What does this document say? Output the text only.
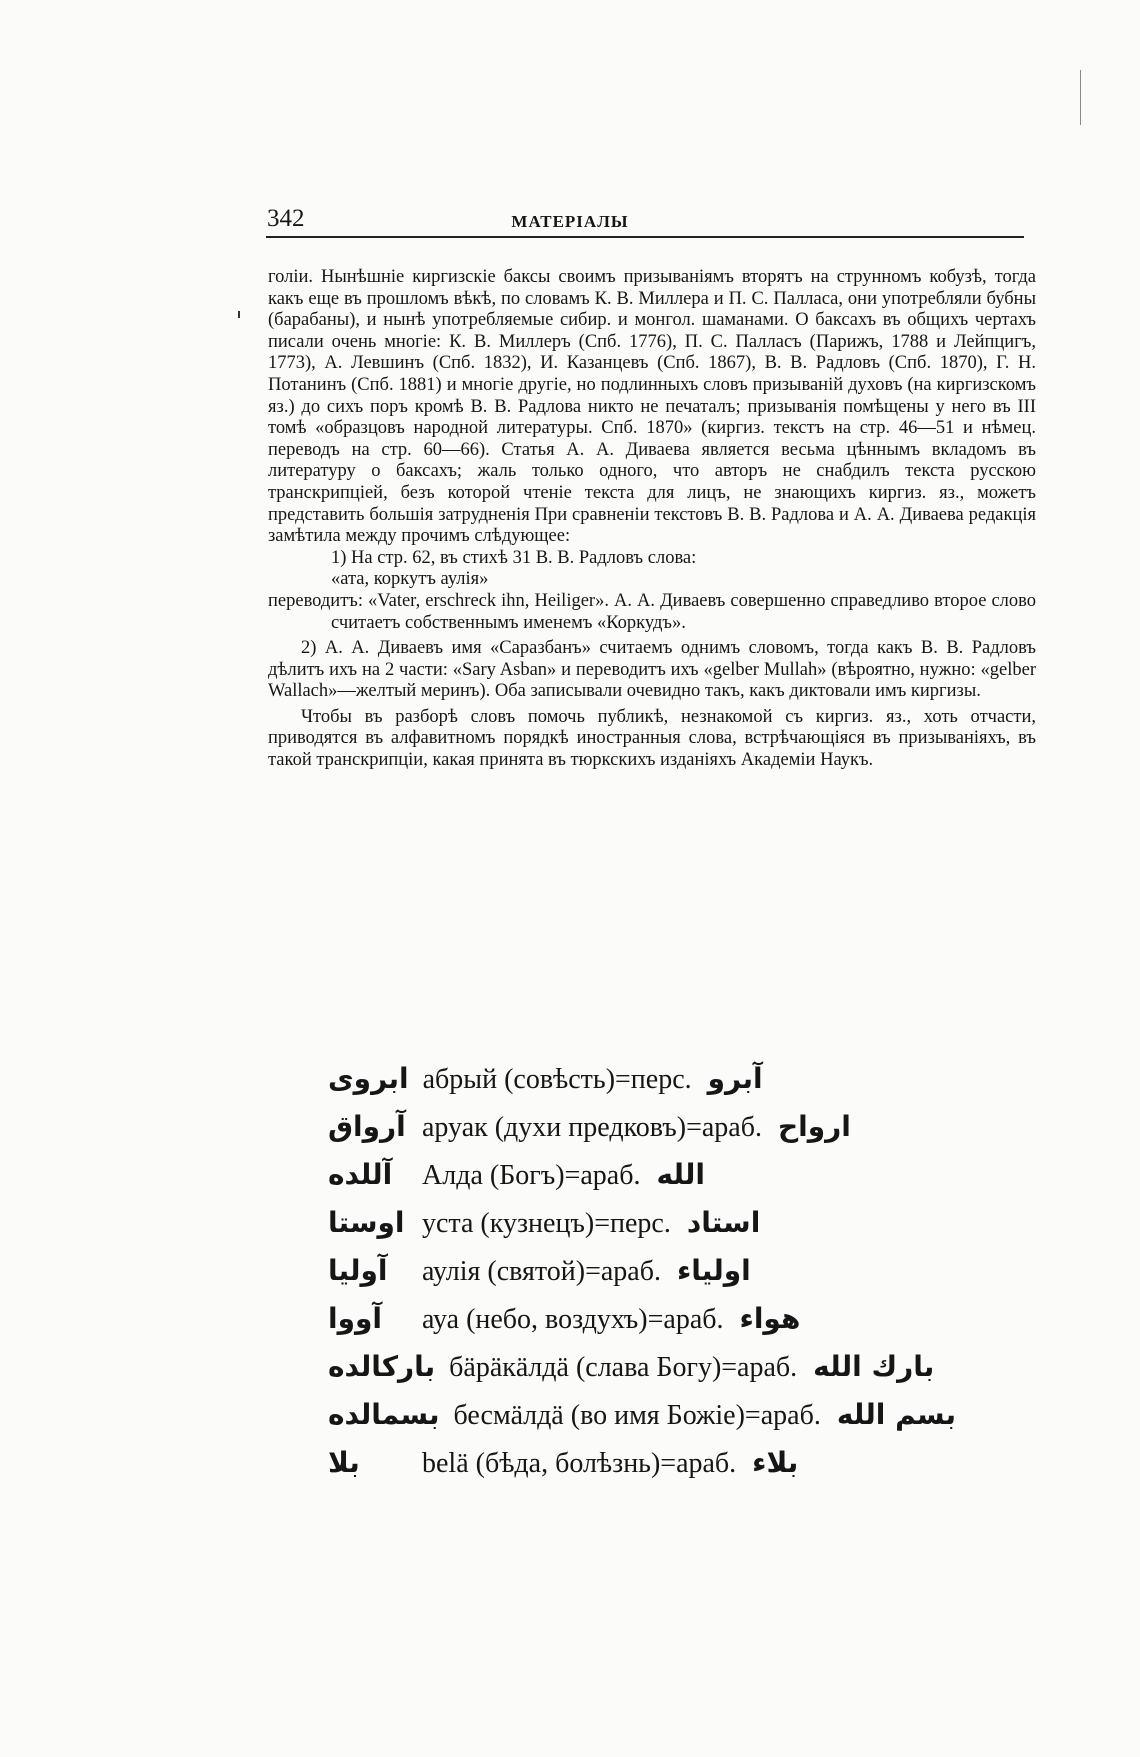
342	МАТЕРІАЛЫ

голіи. Нынѣшніе киргизскіе баксы своимъ призываніямъ вторятъ на струнномъ кобузѣ, тогда какъ еще въ прошломъ вѣкѣ, по словамъ К. В. Миллера и П. С. Палласа, они употребляли бубны (барабаны), и нынѣ употребляемые сибир. и монгол. шаманами. О баксахъ въ общихъ чертахъ писали очень многіе: К. В. Миллеръ (Спб. 1776), П. С. Палласъ (Парижъ, 1788 и Лейпцигъ, 1773), А. Левшинъ (Спб. 1832), И. Казанцевъ (Спб. 1867), В. В. Радловъ (Спб. 1870), Г. Н. Потанинъ (Спб. 1881) и многіе другіе, но подлинныхъ словъ призываній духовъ (на киргизскомъ яз.) до сихъ поръ кромѣ В. В. Радлова никто не печаталъ; призыванія помѣщены у него въ III томѣ «образцовъ народной литературы. Спб. 1870» (киргиз. текстъ на стр. 46—51 и нѣмец. переводъ на стр. 60—66). Статья А. А. Диваева является весьма цѣннымъ вкладомъ въ литературу о баксахъ; жаль только одного, что авторъ не снабдилъ текста русскою транскрипціей, безъ которой чтеніе текста для лицъ, не знающихъ киргиз. яз., можетъ представить большія затрудненія При сравненіи текстовъ В. В. Радлова и А. А. Диваева редакція замѣтила между прочимъ слѣдующее:

1) На стр. 62, въ стихѣ 31 В. В. Радловъ слова:

«ата, коркутъ аулія»

переводитъ: «Vater, erschreck ihn, Heiliger». А. А. Диваевъ совершенно справедливо второе слово считаетъ собственнымъ именемъ «Коркудъ».

2) А. А. Диваевъ имя «Саразбанъ» считаемъ однимъ словомъ, тогда какъ В. В. Радловъ дѣлитъ ихъ на 2 части: «Sary Asban» и переводитъ ихъ «gelber Mullah» (вѣроятно, нужно: «gelber Wallach»—желтый меринъ). Оба записывали очевидно такъ, какъ диктовали имъ киргизы.

Чтобы въ разборѣ словъ помочь публикѣ, незнакомой съ киргиз. яз., хоть отчасти, приводятся въ алфавитномъ порядкѣ иностранныя слова, встрѣчающіяся въ призываніяхъ, въ такой транскрипціи, какая принята въ тюркскихъ изданіяхъ Академіи Наукъ.

ابروی абрый (совѣсть)=перс. آبرو
آرواق аруак (духи предковъ)=араб. ارواح
آللده Алда (Богъ)=араб. الله
اوستا уста (кузнецъ)=перс. استاد
آولیا аулія (святой)=араб. اولیاء
آووا ауа (небо, воздухъ)=араб. هواء
بارکالده бäрäкäлдä (слава Богу)=араб. بارك الله
بسمالده бесмäлдä (во имя Божіе)=араб. بسم الله
بلا belä (бѣда, болѣзнь)=араб. بلاء
